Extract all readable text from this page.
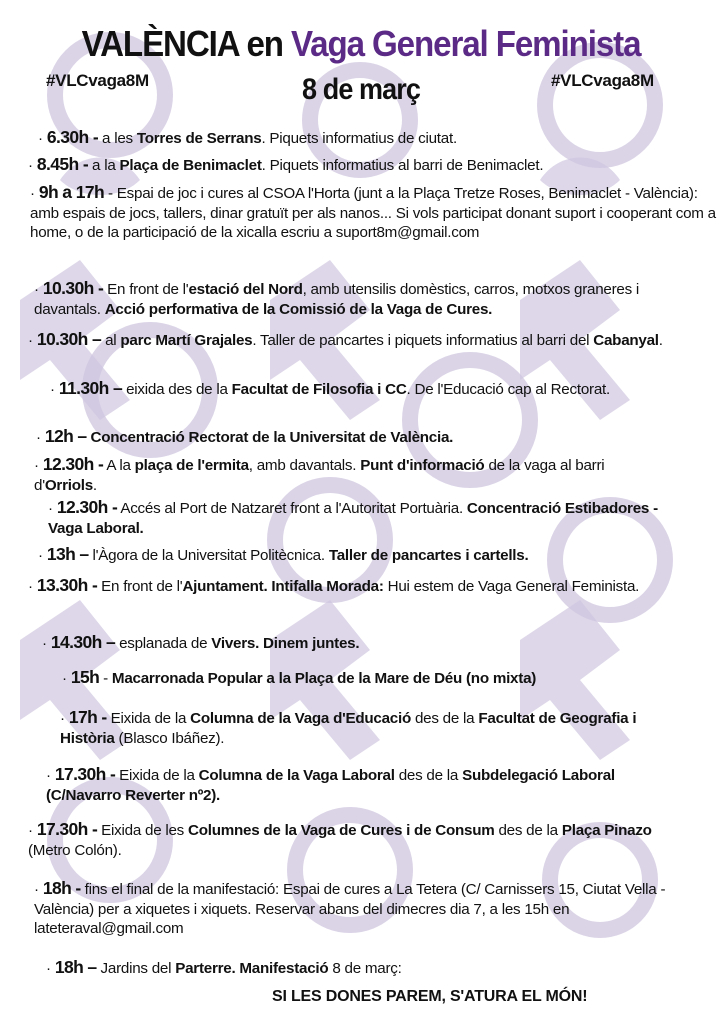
VALÈNCIA en Vaga General Feminista
#VLCvaga8M	#VLCvaga8M
8 de març
· 6.30h - a les Torres de Serrans. Piquets informatius de ciutat.
· 8.45h - a la Plaça de Benimaclet. Piquets informatius al barri de Benimaclet.
· 9h a 17h - Espai de joc i cures al CSOA l'Horta (junt a la Plaça Tretze Roses, Benimaclet - València): amb espais de jocs, tallers, dinar gratuït per als nanos... Si vols participat donant suport i cooperant com a home, o de la participació de la xicalla escriu a suport8m@gmail.com
· 10.30h - En front de l'estació del Nord, amb utensilis domèstics, carros, motxos graneres i davantals. Acció performativa de la Comissió de la Vaga de Cures.
· 10.30h – al parc Martí Grajales. Taller de pancartes i piquets informatius al barri del Cabanyal.
· 11.30h – eixida des de la Facultat de Filosofia i CC. De l'Educació cap al Rectorat.
· 12h – Concentració Rectorat de la Universitat de València.
· 12.30h - A la plaça de l'ermita, amb davantals. Punt d'informació de la vaga al barri d'Orriols.
· 12.30h - Accés al Port de Natzaret front a l'Autoritat Portuària. Concentració Estibadores - Vaga Laboral.
· 13h – l'Àgora de la Universitat Politècnica. Taller de pancartes i cartells.
· 13.30h - En front de l'Ajuntament. Intifalla Morada: Hui estem de Vaga General Feminista.
· 14.30h – esplanada de Vivers. Dinem juntes.
· 15h - Macarronada Popular a la Plaça de la Mare de Déu (no mixta)
· 17h - Eixida de la Columna de la Vaga d'Educació des de la Facultat de Geografia i Història (Blasco Ibáñez).
· 17.30h - Eixida de la Columna de la Vaga Laboral des de la Subdelegació Laboral (C/Navarro Reverter nº2).
· 17.30h - Eixida de les Columnes de la Vaga de Cures i de Consum des de la Plaça Pinazo (Metro Colón).
· 18h - fins el final de la manifestació: Espai de cures a La Tetera (C/ Carnissers 15, Ciutat Vella - València) per a xiquetes i xiquets. Reservar abans del dimecres dia 7, a les 15h en lateteraval@gmail.com
· 18h – Jardins del Parterre. Manifestació 8 de març:
SI LES DONES PAREM, S'ATURA EL MÓN!
